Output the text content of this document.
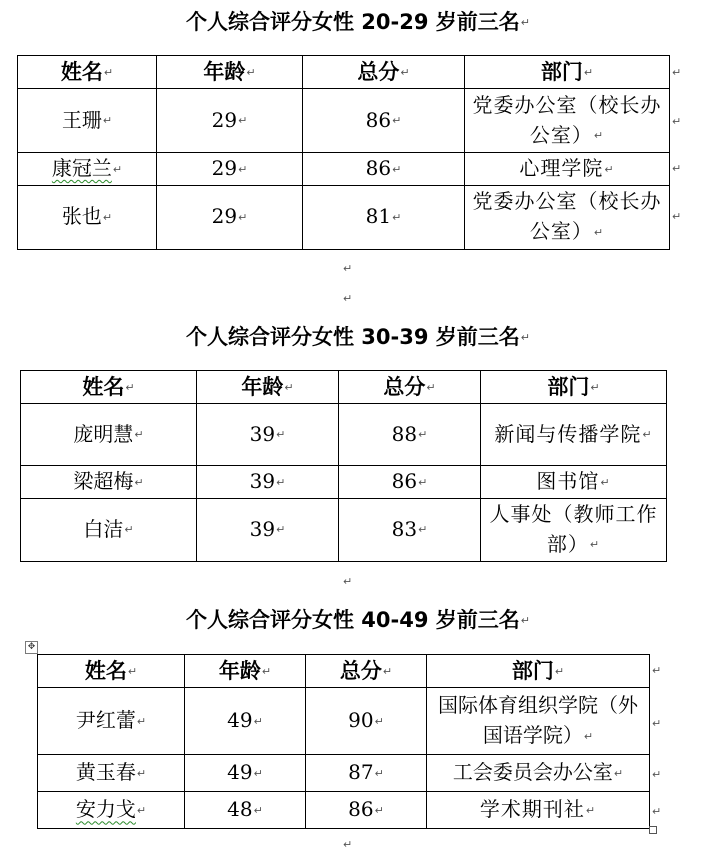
个人综合评分女性 20-29 岁前三名↵
姓名↵	年龄↵	总分↵	部门↵
王珊↵	29↵	86↵	党委办公室（校长办公室）↵
康冠兰↵	29↵	86↵	心理学院↵
张也↵	29↵	81↵	党委办公室（校长办公室）↵
↵
↵
↵
↵
↵
↵
个人综合评分女性 30-39 岁前三名↵
姓名↵	年龄↵	总分↵	部门↵
庞明慧↵	39↵	88↵	新闻与传播学院↵
梁超梅↵	39↵	86↵	图书馆↵
白洁↵	39↵	83↵	人事处（教师工作部）↵
↵
个人综合评分女性 40-49 岁前三名↵
✥
姓名↵	年龄↵	总分↵	部门↵
尹红蕾↵	49↵	90↵	国际体育组织学院（外国语学院）↵
黄玉春↵	49↵	87↵	工会委员会办公室↵
安力戈↵	48↵	86↵	学术期刊社↵
↵
↵
↵
↵
↵
